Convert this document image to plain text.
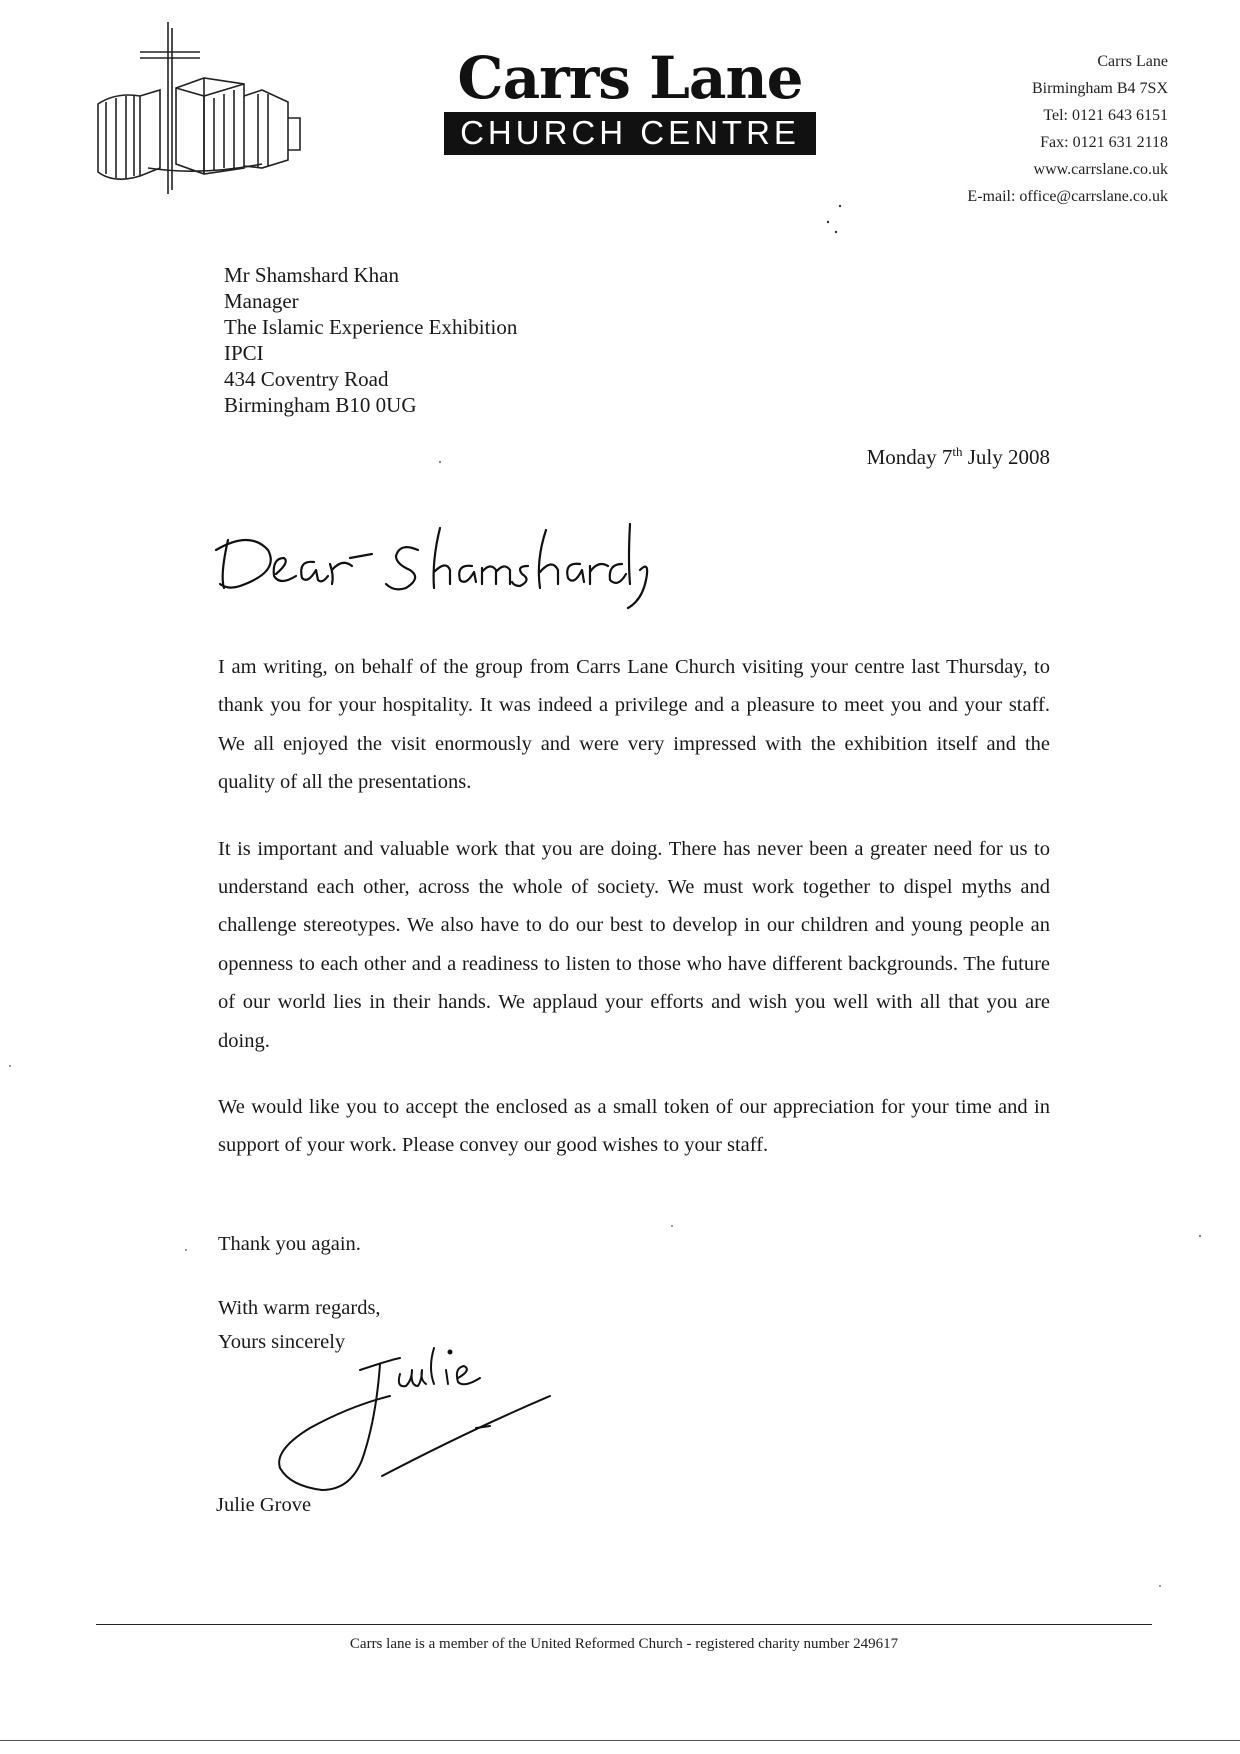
Carrs Lane
CHURCH CENTRE
Carrs Lane
Birmingham B4 7SX
Tel: 0121 643 6151
Fax: 0121 631 2118
www.carrslane.co.uk
E-mail: office@carrslane.co.uk
Mr Shamshard Khan
Manager
The Islamic Experience Exhibition
IPCI
434 Coventry Road
Birmingham B10 0UG
Monday 7th July 2008

I am writing, on behalf of the group from Carrs Lane Church visiting your centre last Thursday, to thank you for your hospitality. It was indeed a privilege and a pleasure to meet you and your staff. We all enjoyed the visit enormously and were very impressed with the exhibition itself and the quality of all the presentations.

It is important and valuable work that you are doing. There has never been a greater need for us to understand each other, across the whole of society. We must work together to dispel myths and challenge stereotypes. We also have to do our best to develop in our children and young people an openness to each other and a readiness to listen to those who have different backgrounds. The future of our world lies in their hands. We applaud your efforts and wish you well with all that you are doing.

We would like you to accept the enclosed as a small token of our appreciation for your time and in support of your work. Please convey our good wishes to your staff.

Thank you again.
With warm regards,
Yours sincerely
Julie Grove
Carrs lane is a member of the United Reformed Church - registered charity number 249617
